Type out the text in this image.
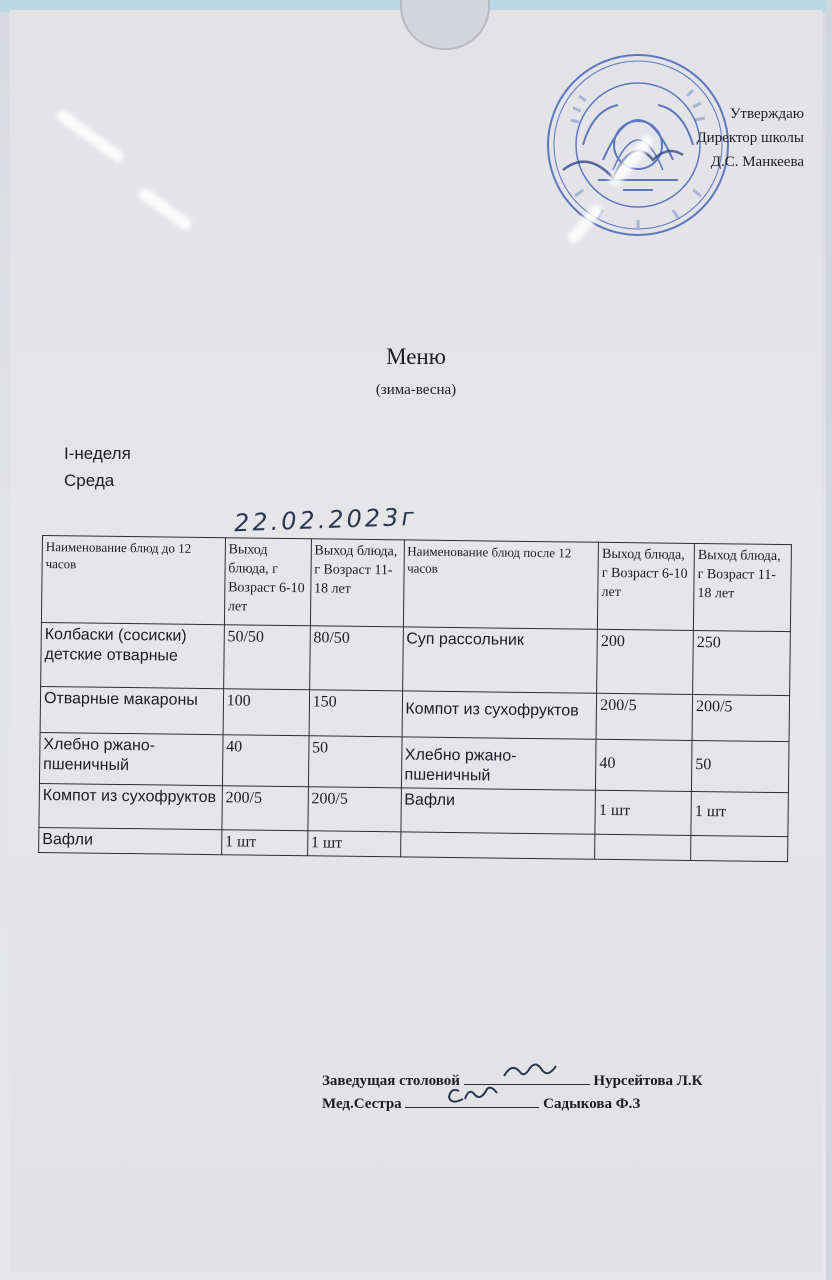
Утверждаю
Директор школы
Д.С. Манкеева
Меню
(зима-весна)
I-неделя
Среда
22.02.2023г
Наименование блюд до 12 часов	Выход блюда, г Возраст 6-10 лет	Выход блюда, г Возраст 11-18 лет	Наименование блюд после 12 часов	Выход блюда, г Возраст 6-10 лет	Выход блюда, г Возраст 11-18 лет
Колбаски (сосиски) детские отварные	50/50	80/50	Суп рассольник	200	250
Отварные макароны	100	150	Компот из сухофруктов	200/5	200/5
Хлебно ржано-пшеничный	40	50	Хлебно ржано-пшеничный	40	50
Компот из сухофруктов	200/5	200/5	Вафли	1 шт	1 шт
Вафли	1 шт	1 шт			
Заведущая столовой	Нурсейтова Л.К
Мед.Сестра	Садыкова Ф.З
